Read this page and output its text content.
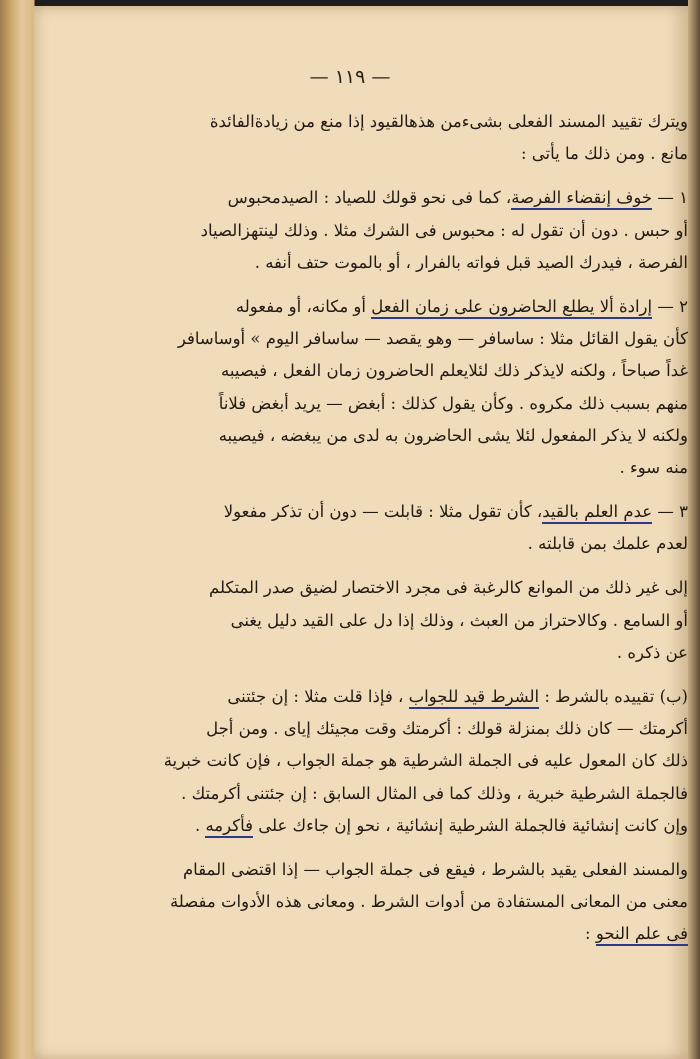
— ١١٩ —
ويترك تقييد المسند الفعلى بشىءمن هذهالقيود إذا منع من زيادةالفائدة
مانع . ومن ذلك ما يأتى :
١ — خوف إنقضاء الفرصة، كما فى نحو قولك للصياد : الصيدمحبوس
أو حبس . دون أن تقول له : محبوس فى الشرك مثلا . وذلك لينتهزالصياد
الفرصة ، فيدرك الصيد قبل فواته بالفرار ، أو بالموت حتف أنفه .
٢ — إرادة ألا يطلع الحاضرون على زمان الفعل أو مكانه، أو مفعوله
كأن يقول القائل مثلا : ساسافر — وهو يقصد — ساسافر اليوم » أوساسافر
غداً صباحاً ، ولكنه لايذكر ذلك لئلايعلم الحاضرون زمان الفعل ، فيصيبه
منهم بسبب ذلك مكروه . وكأن يقول كذلك : أبغض — يريد أبغض فلاناً
ولكنه لا يذكر المفعول لئلا يشى الحاضرون به لدى من يبغضه ، فيصيبه
منه سوء .
٣ — عدم العلم بالقيد، كأن تقول مثلا : قابلت — دون أن تذكر مفعولا
لعدم علمك بمن قابلته .
إلى غير ذلك من الموانع كالرغبة فى مجرد الاختصار لضيق صدر المتكلم
أو السامع . وكالاحتراز من العبث ، وذلك إذا دل على القيد دليل يغنى
عن ذكره .
(ب) تقييده بالشرط : الشرط قيد للجواب ، فإذا قلت مثلا : إن جئتنى
أكرمتك — كان ذلك بمنزلة قولك : أكرمتك وقت مجيئك إياى . ومن أجل
ذلك كان المعول عليه فى الجملة الشرطية هو جملة الجواب ، فإن كانت خبرية
فالجملة الشرطية خبرية ، وذلك كما فى المثال السابق : إن جئتنى أكرمتك .
وإن كانت إنشائية فالجملة الشرطية إنشائية ، نحو إن جاءك على فأكرمه .
والمسند الفعلى يقيد بالشرط ، فيقع فى جملة الجواب — إذا اقتضى المقام
معنى من المعانى المستفادة من أدوات الشرط . ومعانى هذه الأدوات مفصلة
فى علم النحو :
